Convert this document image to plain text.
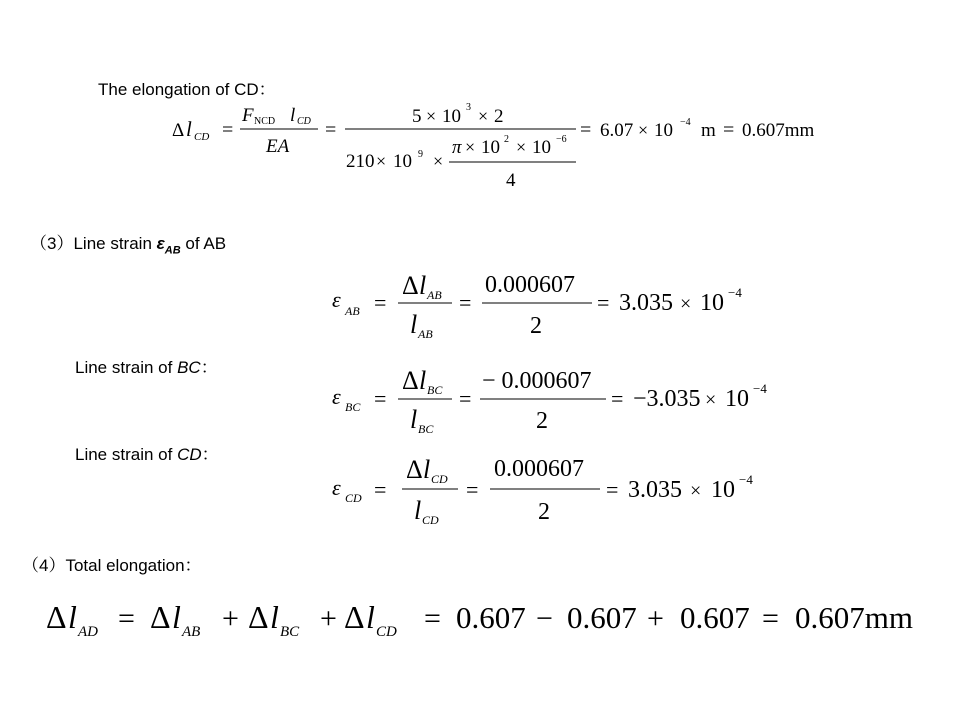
The elongation of CD：
（3）Line strain $\varepsilon_{AB}$ of AB
Line strain of BC：
Line strain of CD：
（4）Total elongation：
Δ l CD =
F NCD l CD
EA
=
5 × 10 3 × 2
210 × 10 9 ×
π × 10 2 × 10 −6
4
= 6.07 × 10 −4 m = 0.607mm
ε AB =
Δ l AB
l AB
=
0.000607
2
= 3.035 × 10 −4
ε BC =
Δ l BC
l BC
=
− 0.000607
2
= −3.035 × 10 −4
ε CD =
Δ l CD
l CD
=
0.000607
2
= 3.035 × 10 −4
Δ l AD = Δ l AB + Δ l BC + Δ l CD = 0.607 − 0.607 + 0.607 = 0.607mm
